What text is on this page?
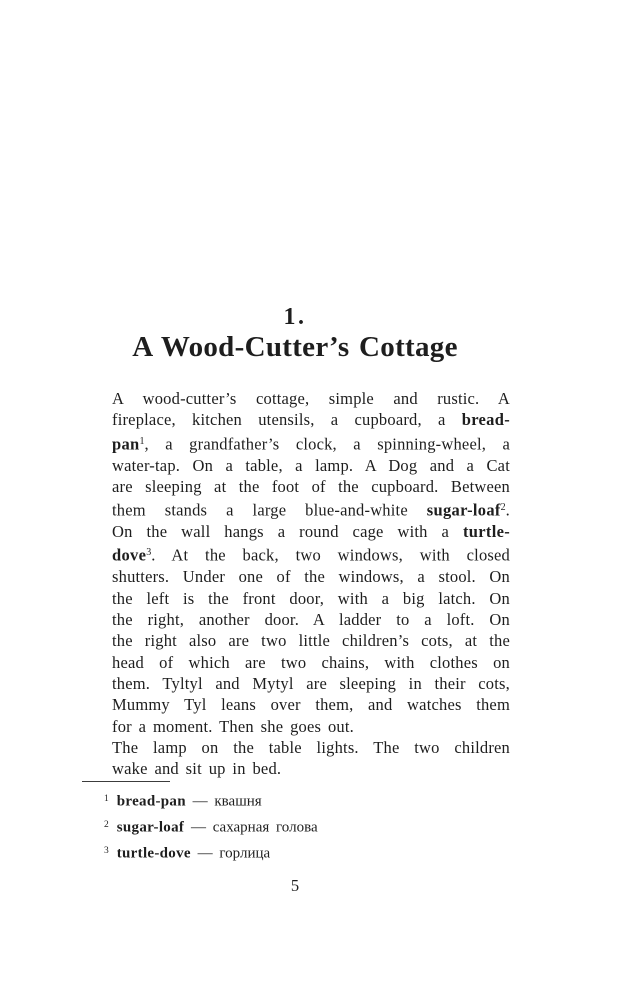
1.
A Wood-Cutter’s Cottage
A wood-cutter’s cottage, simple and rustic. A
fireplace, kitchen utensils, a cupboard, a bread-
pan$^1$, a grandfather’s clock, a spinning-wheel, a
water-tap. On a table, a lamp. A Dog and a Cat
are sleeping at the foot of the cupboard. Between
them stands a large blue-and-white sugar-loaf$^2$.
On the wall hangs a round cage with a turtle-
dove$^3$. At the back, two windows, with closed
shutters. Under one of the windows, a stool. On
the left is the front door, with a big latch. On
the right, another door. A ladder to a loft. On
the right also are two little children’s cots, at the
head of which are two chains, with clothes on
them. Tyltyl and Mytyl are sleeping in their cots,
Mummy Tyl leans over them, and watches them
for a moment. Then she goes out.
The lamp on the table lights. The two children
wake and sit up in bed.
$^1$ bread-pan — квашня
$^2$ sugar-loaf — сахарная голова
$^3$ turtle-dove — горлица
5
